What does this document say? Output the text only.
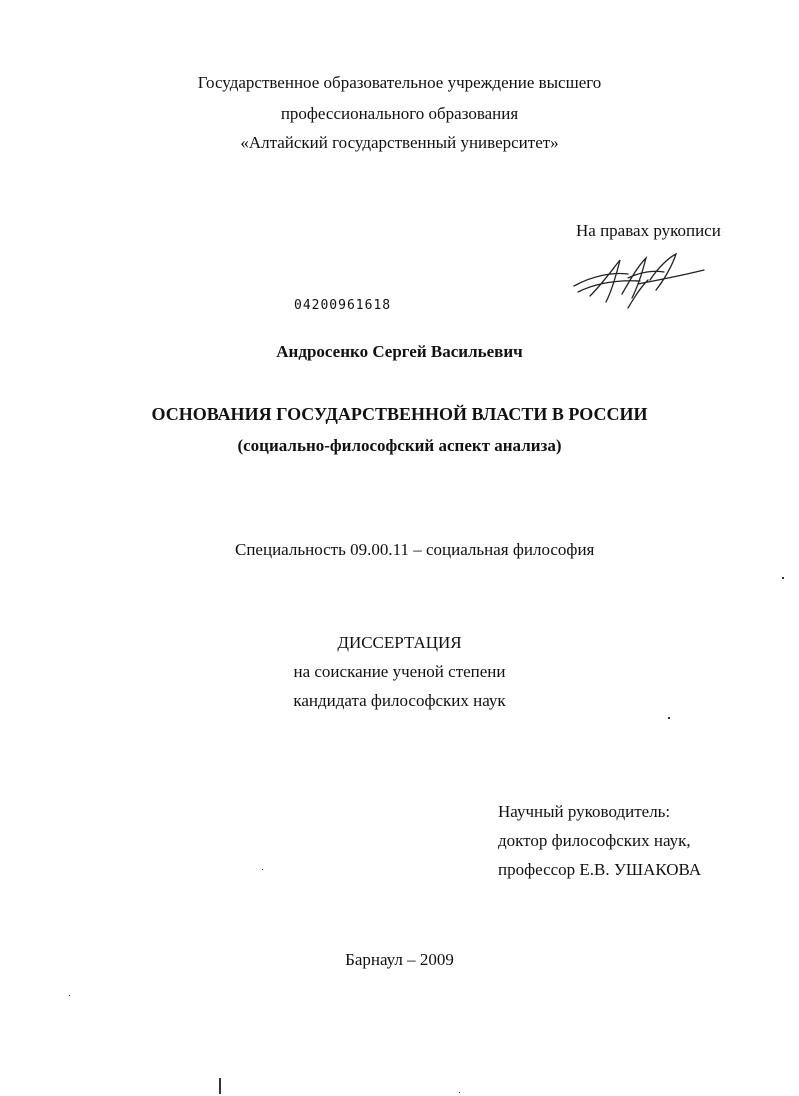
Государственное образовательное учреждение высшего
профессионального образования
«Алтайский государственный университет»
На правах рукописи
04200961618
Андросенко Сергей Васильевич
ОСНОВАНИЯ ГОСУДАРСТВЕННОЙ ВЛАСТИ В РОССИИ
(социально-философский аспект анализа)
Специальность 09.00.11 – социальная философия
ДИССЕРТАЦИЯ
на соискание ученой степени
кандидата философских наук
Научный руководитель:
доктор философских наук,
профессор Е.В. УШАКОВА
Барнаул – 2009
